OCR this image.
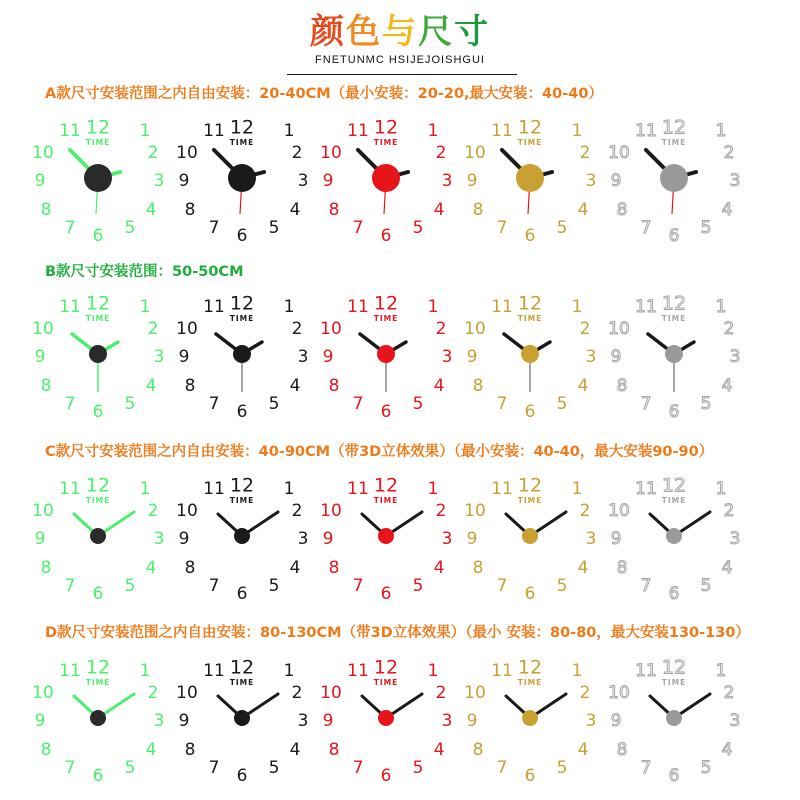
颜色与尺寸
FNETUNMC HSIJEJOISHGUI
A款尺寸安装范围之内自由安装：20-40CM（最小安装：20-20,最大安装：40-40）
B款尺寸安装范围：50-50CM
C款尺寸安装范围之内自由安装：40-90CM（带3D立体效果）（最小安装：40-40，最大安装90-90）
D款尺寸安装范围之内自由安装：80-130CM（带3D立体效果）（最小 安装：80-80，最大安装130-130）
12 1
2
3
4
5
6
7
8
9
10
11
TIME
12 1
2
3
4
5
6
7
8
9
10
11
TIME
12 1
2
3
4
5
6
7
8
9
10
11
TIME
12 1
2
3
4
5
6
7
8
9
10
11
TIME
12 1
2
3
4
5
6
7
8
9
10
11
TIME
12 1
2
3
4
5
6
7
8
9
10
11
TIME
12 1
2
3
4
5
6
7
8
9
10
11
TIME
12 1
2
3
4
5
6
7
8
9
10
11
TIME
12 1
2
3
4
5
6
7
8
9
10
11
TIME
12 1
2
3
4
5
6
7
8
9
10
11
TIME
12 1
2
3
4
5
6
7
8
9
10
11
TIME
12 1
2
3
4
5
6
7
8
9
10
11
TIME
12 1
2
3
4
5
6
7
8
9
10
11
TIME
12 1
2
3
4
5
6
7
8
9
10
11
TIME
12 1
2
3
4
5
6
7
8
9
10
11
TIME
12 1
2
3
4
5
6
7
8
9
10
11
TIME
12 1
2
3
4
5
6
7
8
9
10
11
TIME
12 1
2
3
4
5
6
7
8
9
10
11
TIME
12 1
2
3
4
5
6
7
8
9
10
11
TIME
12 1
2
3
4
5
6
7
8
9
10
11
TIME
